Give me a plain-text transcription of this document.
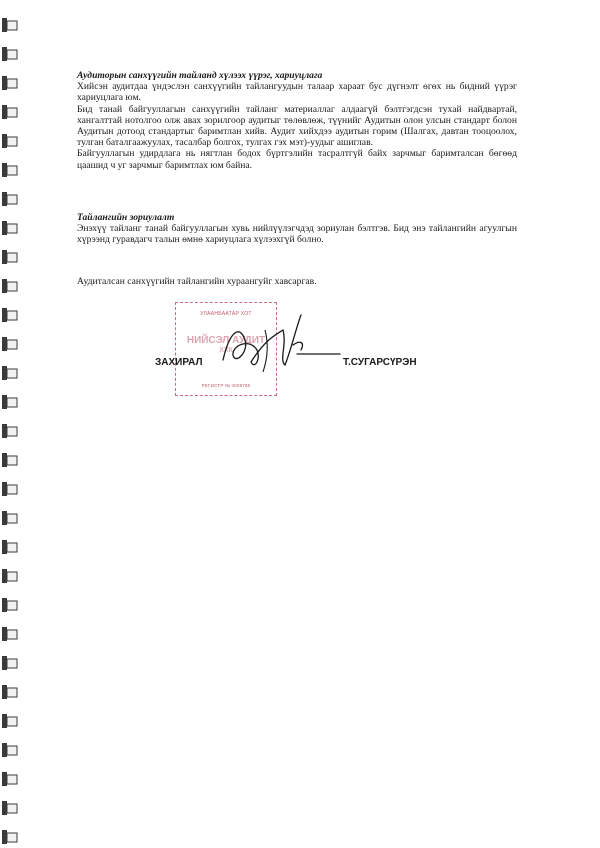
Аудиторын санхүүгийн тайланд хүлээх үүрэг, хариуцлага

Хийсэн аудитдаа үндэслэн санхүүгийн тайлангуудын талаар хараат бус дүгнэлт өгөх нь бидний үүрэг хариуцлага юм.

Бид танай байгууллагын санхүүгийн тайланг материаллаг алдаагүй бэлтгэгдсэн тухай найдвартай, хангалттай нотолгоо олж авах зорилгоор аудитыг төлөвлөж, түүнийг Аудитын олон улсын стандарт болон Аудитын дотоод стандартыг баримтлан хийв. Аудит хийхдээ аудитын горим (Шалгах, давтан тооцоолох, тулган баталгаажуулах, тасалбар болгох, тулгах гэх мэт)-уудыг ашиглав.

Байгууллагын удирдлага нь нягтлан бодох бүртгэлийн тасралтгүй байх зарчмыг баримталсан бөгөөд цаашид ч уг зарчмыг баримтлах юм байна.

Тайлангийн зориулалт

Энэхүү тайланг танай байгууллагын хувь нийлүүлэгчдэд зориулан бэлтгэв. Бид энэ тайлангийн агуулгын хүрээнд гуравдагч талын өмнө хариуцлага хүлээхгүй болно.

Аудиталсан санхүүгийн тайлангийн хураангуйг хавсаргав.
УЛААНБААТАР ХОТ
НИЙСЭЛ АУДИТ
ХХК
РЕГИСТР № 4009785
ЗАХИРАЛ	Т.СУГАРСҮРЭН
